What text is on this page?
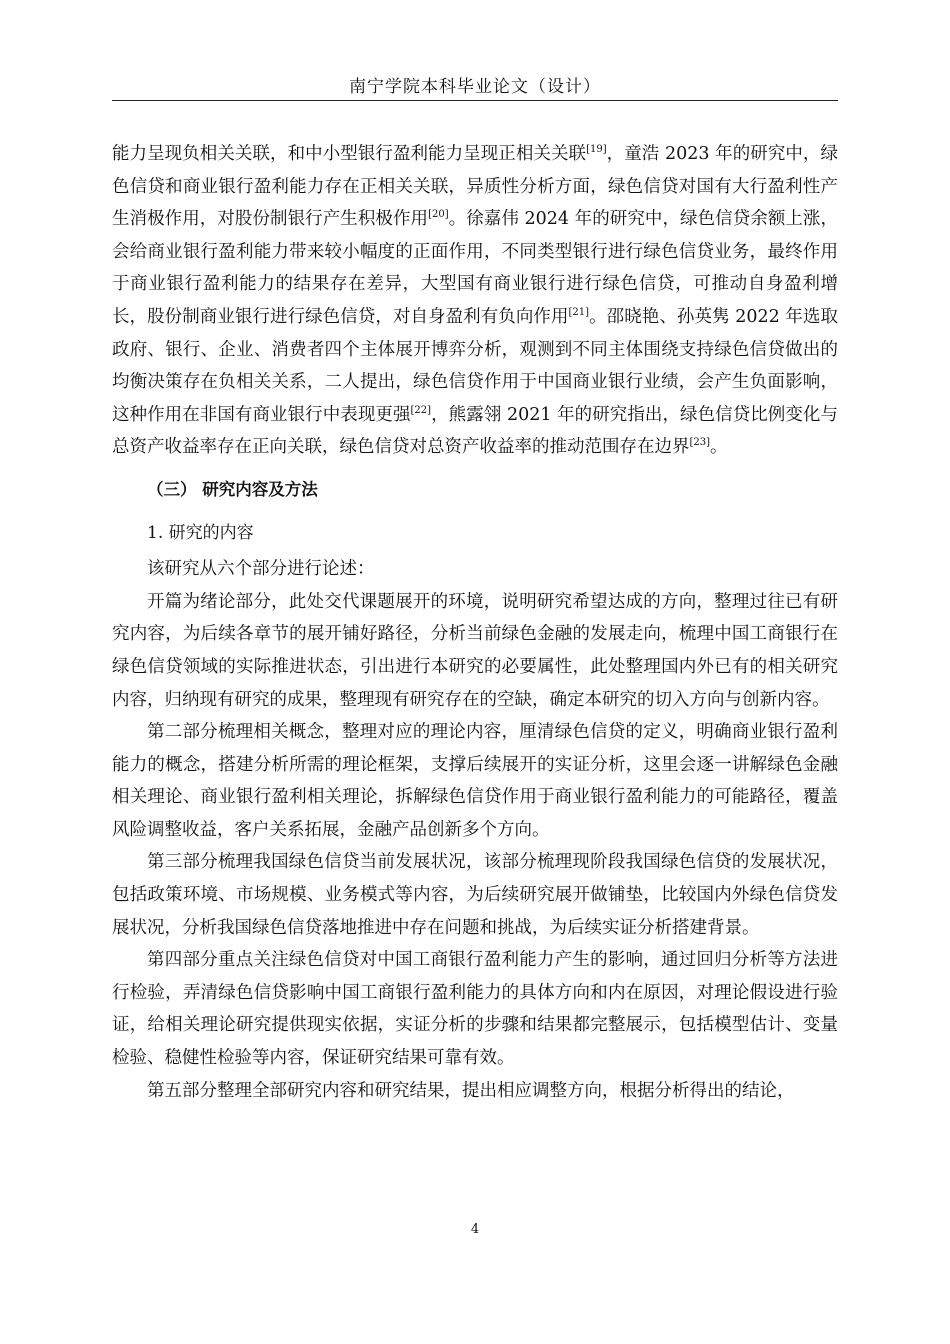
南宁学院本科毕业论文（设计）

能力呈现负相关关联，和中小型银行盈利能力呈现正相关关联[19]，童浩 2023 年的研究中，绿色信贷和商业银行盈利能力存在正相关关联，异质性分析方面，绿色信贷对国有大行盈利性产生消极作用，对股份制银行产生积极作用[20]。徐嘉伟 2024 年的研究中，绿色信贷余额上涨，会给商业银行盈利能力带来较小幅度的正面作用，不同类型银行进行绿色信贷业务，最终作用于商业银行盈利能力的结果存在差异，大型国有商业银行进行绿色信贷，可推动自身盈利增长，股份制商业银行进行绿色信贷，对自身盈利有负向作用[21]。邵晓艳、孙英隽 2022 年选取政府、银行、企业、消费者四个主体展开博弈分析，观测到不同主体围绕支持绿色信贷做出的均衡决策存在负相关关系，二人提出，绿色信贷作用于中国商业银行业绩，会产生负面影响，这种作用在非国有商业银行中表现更强[22]，熊露翎 2021 年的研究指出，绿色信贷比例变化与总资产收益率存在正向关联，绿色信贷对总资产收益率的推动范围存在边界[23]。

（三） 研究内容及方法

1. 研究的内容

该研究从六个部分进行论述：

开篇为绪论部分，此处交代课题展开的环境，说明研究希望达成的方向，整理过往已有研究内容，为后续各章节的展开铺好路径，分析当前绿色金融的发展走向，梳理中国工商银行在绿色信贷领域的实际推进状态，引出进行本研究的必要属性，此处整理国内外已有的相关研究内容，归纳现有研究的成果，整理现有研究存在的空缺，确定本研究的切入方向与创新内容。

第二部分梳理相关概念，整理对应的理论内容，厘清绿色信贷的定义，明确商业银行盈利能力的概念，搭建分析所需的理论框架，支撑后续展开的实证分析，这里会逐一讲解绿色金融相关理论、商业银行盈利相关理论，拆解绿色信贷作用于商业银行盈利能力的可能路径，覆盖风险调整收益，客户关系拓展，金融产品创新多个方向。

第三部分梳理我国绿色信贷当前发展状况，该部分梳理现阶段我国绿色信贷的发展状况，包括政策环境、市场规模、业务模式等内容，为后续研究展开做铺垫，比较国内外绿色信贷发展状况，分析我国绿色信贷落地推进中存在问题和挑战，为后续实证分析搭建背景。

第四部分重点关注绿色信贷对中国工商银行盈利能力产生的影响，通过回归分析等方法进行检验，弄清绿色信贷影响中国工商银行盈利能力的具体方向和内在原因，对理论假设进行验证，给相关理论研究提供现实依据，实证分析的步骤和结果都完整展示，包括模型估计、变量检验、稳健性检验等内容，保证研究结果可靠有效。

第五部分整理全部研究内容和研究结果，提出相应调整方向，根据分析得出的结论，

4
